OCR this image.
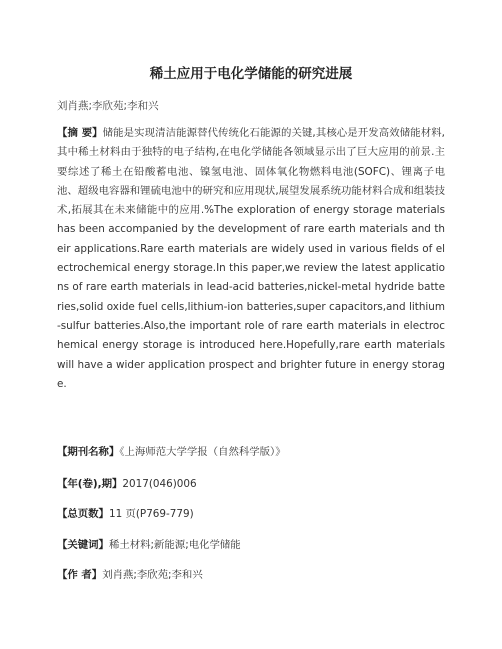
稀土应用于电化学储能的研究进展
刘肖燕;李欣苑;李和兴
【摘 要】储能是实现清洁能源替代传统化石能源的关键,其核心是开发高效储能材料,其中稀土材料由于独特的电子结构,在电化学储能各领域显示出了巨大应用的前景.主要综述了稀土在铅酸蓄电池、镍氢电池、固体氧化物燃料电池(SOFC)、锂离子电池、超级电容器和锂硫电池中的研究和应用现状,展望发展系统功能材料合成和组装技术,拓展其在未来储能中的应用.%The exploration of energy storage materials has been accompanied by the development of rare earth materials and their applications.Rare earth materials are widely used in various fields of electrochemical energy storage.In this paper,we review the latest applications of rare earth materials in lead-acid batteries,nickel-metal hydride batteries,solid oxide fuel cells,lithium-ion batteries,super capacitors,and lithium-sulfur batteries.Also,the important role of rare earth materials in electrochemical energy storage is introduced here.Hopefully,rare earth materials will have a wider application prospect and brighter future in energy storage.
【期刊名称】《上海师范大学学报（自然科学版）》
【年(卷),期】2017(046)006
【总页数】11 页(P769-779)
【关键词】稀土材料;新能源;电化学储能
【作 者】刘肖燕;李欣苑;李和兴
